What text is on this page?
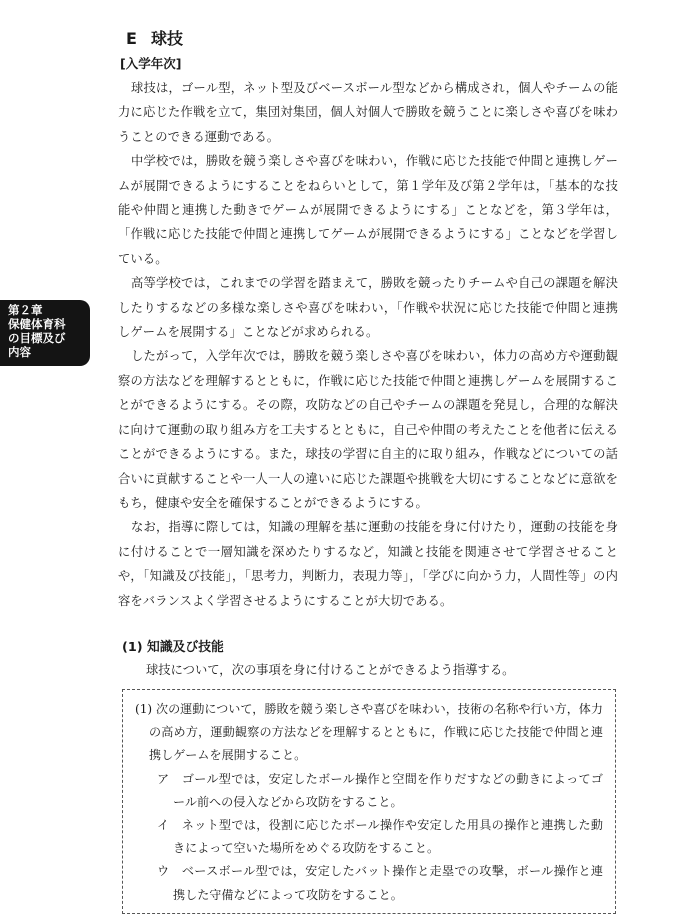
第２章
保健体育科
の目標及び
内容
E 球技
[入学年次]

球技は，ゴール型，ネット型及びベースボール型などから構成され，個人やチームの能力に応じた作戦を立て，集団対集団，個人対個人で勝敗を競うことに楽しさや喜びを味わうことのできる運動である。

中学校では，勝敗を競う楽しさや喜びを味わい，作戦に応じた技能で仲間と連携しゲームが展開できるようにすることをねらいとして，第１学年及び第２学年は，「基本的な技能や仲間と連携した動きでゲームが展開できるようにする」ことなどを，第３学年は，「作戦に応じた技能で仲間と連携してゲームが展開できるようにする」ことなどを学習している。

高等学校では，これまでの学習を踏まえて，勝敗を競ったりチームや自己の課題を解決したりするなどの多様な楽しさや喜びを味わい，「作戦や状況に応じた技能で仲間と連携しゲームを展開する」ことなどが求められる。

したがって，入学年次では，勝敗を競う楽しさや喜びを味わい，体力の高め方や運動観察の方法などを理解するとともに，作戦に応じた技能で仲間と連携しゲームを展開することができるようにする。その際，攻防などの自己やチームの課題を発見し，合理的な解決に向けて運動の取り組み方を工夫するとともに，自己や仲間の考えたことを他者に伝えることができるようにする。また，球技の学習に自主的に取り組み，作戦などについての話合いに貢献することや一人一人の違いに応じた課題や挑戦を大切にすることなどに意欲をもち，健康や安全を確保することができるようにする。

なお，指導に際しては，知識の理解を基に運動の技能を身に付けたり，運動の技能を身に付けることで一層知識を深めたりするなど，知識と技能を関連させて学習させることや，「知識及び技能」，「思考力，判断力，表現力等」，「学びに向かう力，人間性等」の内容をバランスよく学習させるようにすることが大切である。

(1) 知識及び技能

球技について，次の事項を身に付けることができるよう指導する。

(1) 次の運動について，勝敗を競う楽しさや喜びを味わい，技術の名称や行い方，体力の高め方，運動観察の方法などを理解するとともに，作戦に応じた技能で仲間と連携しゲームを展開すること。

ア　ゴール型では，安定したボール操作と空間を作りだすなどの動きによってゴール前への侵入などから攻防をすること。

イ　ネット型では，役割に応じたボール操作や安定した用具の操作と連携した動きによって空いた場所をめぐる攻防をすること。

ウ　ベースボール型では，安定したバット操作と走塁での攻撃，ボール操作と連携した守備などによって攻防をすること。
